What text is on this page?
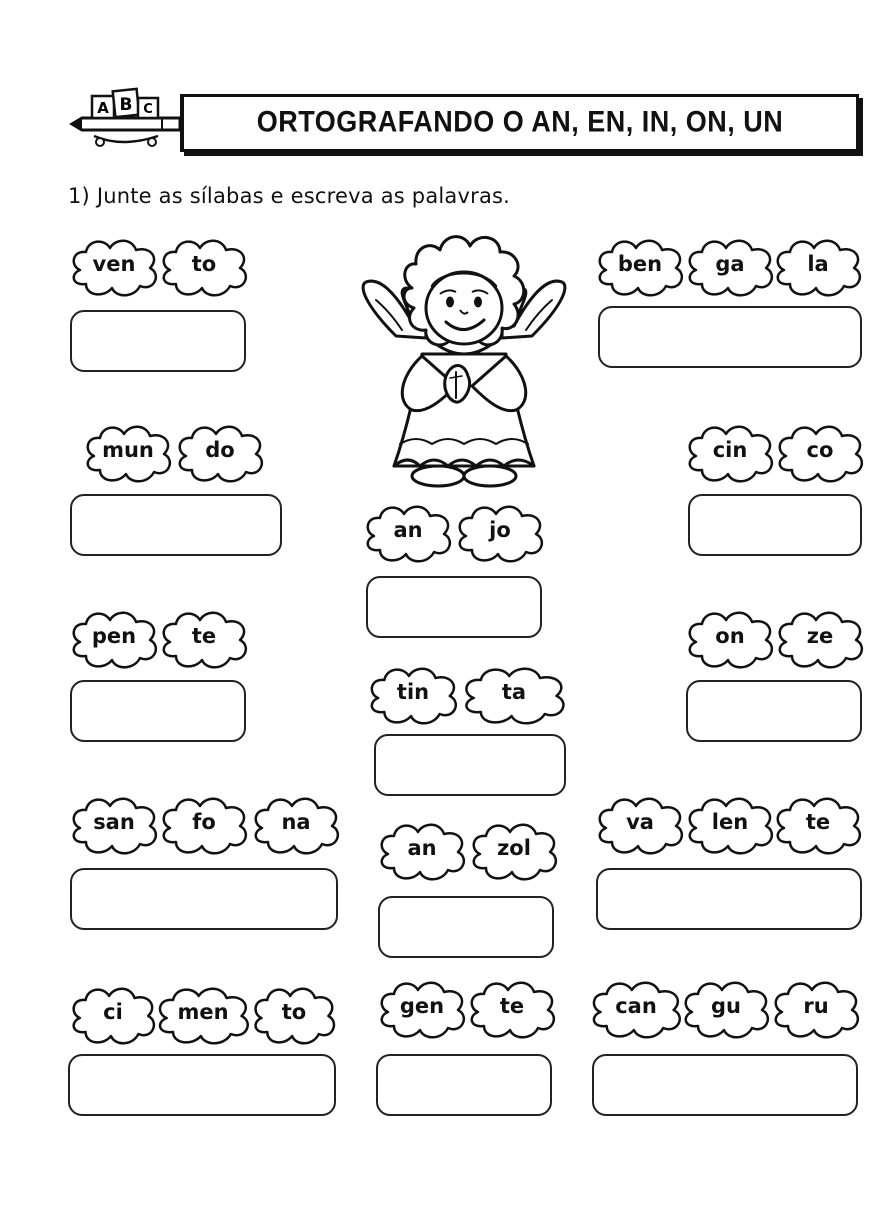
A B C	ORTOGRAFANDO O AN, EN, IN, ON, UN
1) Junte as sílabas e escreva as palavras.
ven	to
mun	do
pen	te
san	fo	na
ci	men	to
an	jo
tin	ta
an	zol
gen	te
ben	ga	la
cin	co
on	ze
va	len	te
can	gu	ru
